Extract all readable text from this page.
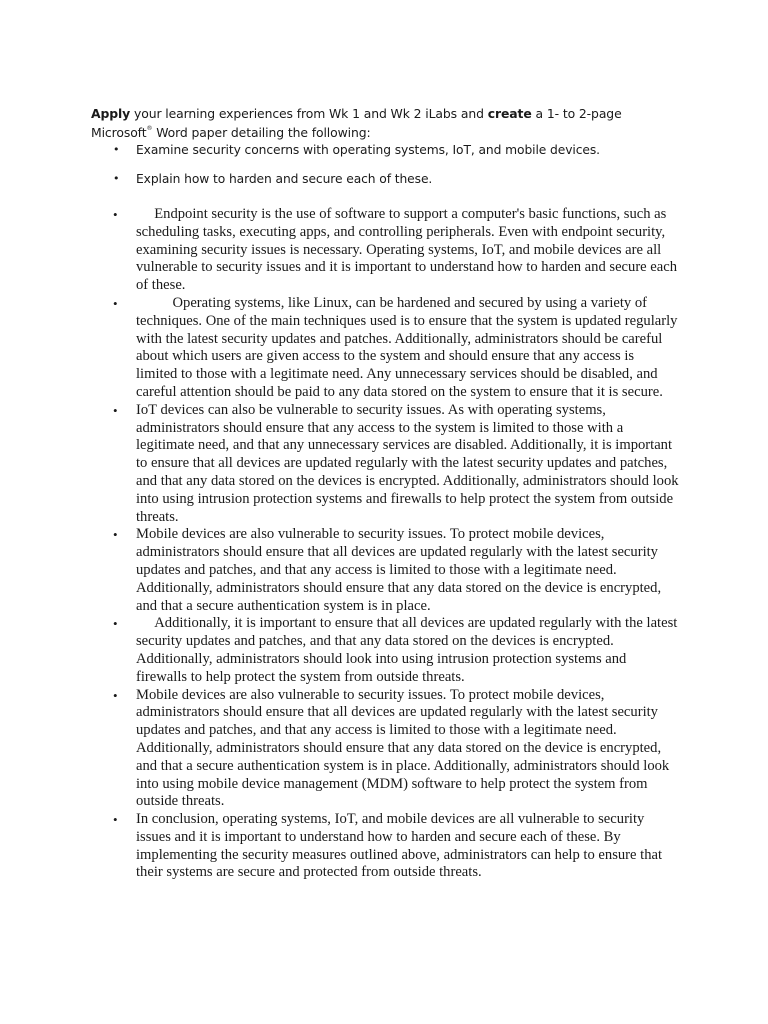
Apply your learning experiences from Wk 1 and Wk 2 iLabs and create a 1- to 2-page Microsoft® Word paper detailing the following:

• Examine security concerns with operating systems, IoT, and mobile devices.
• Explain how to harden and secure each of these.
• Endpoint security is the use of software to support a computer's basic functions, such as scheduling tasks, executing apps, and controlling peripherals. Even with endpoint security, examining security issues is necessary. Operating systems, IoT, and mobile devices are all vulnerable to security issues and it is important to understand how to harden and secure each of these.
• Operating systems, like Linux, can be hardened and secured by using a variety of techniques. One of the main techniques used is to ensure that the system is updated regularly with the latest security updates and patches. Additionally, administrators should be careful about which users are given access to the system and should ensure that any access is limited to those with a legitimate need. Any unnecessary services should be disabled, and careful attention should be paid to any data stored on the system to ensure that it is secure.
• IoT devices can also be vulnerable to security issues. As with operating systems, administrators should ensure that any access to the system is limited to those with a legitimate need, and that any unnecessary services are disabled. Additionally, it is important to ensure that all devices are updated regularly with the latest security updates and patches, and that any data stored on the devices is encrypted. Additionally, administrators should look into using intrusion protection systems and firewalls to help protect the system from outside threats.
• Mobile devices are also vulnerable to security issues. To protect mobile devices, administrators should ensure that all devices are updated regularly with the latest security updates and patches, and that any access is limited to those with a legitimate need. Additionally, administrators should ensure that any data stored on the device is encrypted, and that a secure authentication system is in place.
• Additionally, it is important to ensure that all devices are updated regularly with the latest security updates and patches, and that any data stored on the devices is encrypted. Additionally, administrators should look into using intrusion protection systems and firewalls to help protect the system from outside threats.
• Mobile devices are also vulnerable to security issues. To protect mobile devices, administrators should ensure that all devices are updated regularly with the latest security updates and patches, and that any access is limited to those with a legitimate need. Additionally, administrators should ensure that any data stored on the device is encrypted, and that a secure authentication system is in place. Additionally, administrators should look into using mobile device management (MDM) software to help protect the system from outside threats.
• In conclusion, operating systems, IoT, and mobile devices are all vulnerable to security issues and it is important to understand how to harden and secure each of these. By implementing the security measures outlined above, administrators can help to ensure that their systems are secure and protected from outside threats.
